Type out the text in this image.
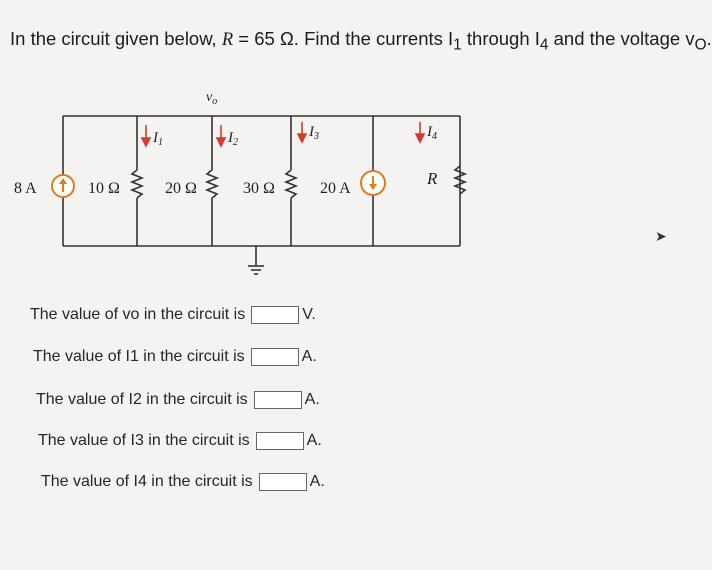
In the circuit given below, R = 65 Ω. Find the currents $I_1$ through $I_4$ and the voltage $v_O$.
$v_o$
8 A	10 Ω	20 Ω	30 Ω	20 A
R
$I_1$	$I_2$
$I_3$	$I_4$
The value of vo in the circuit is	V.
The value of I1 in the circuit is	A.
The value of I2 in the circuit is	A.
The value of I3 in the circuit is	A.
The value of I4 in the circuit is	A.
➤
